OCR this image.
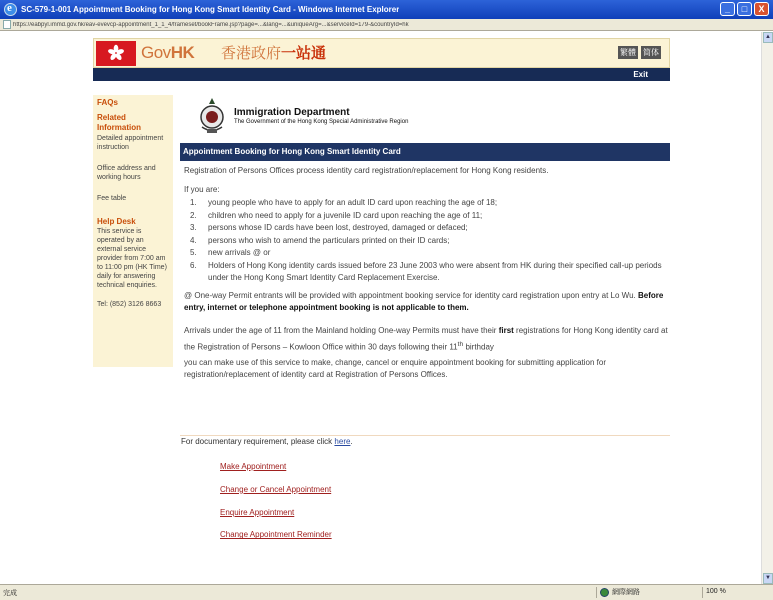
e
SC-579-1-001 Appointment Booking for Hong Kong Smart Identity Card - Windows Internet Explorer	_	□	X
https://eabpyl.immd.gov.hk/eav-evevcp-appointment_1_1_4/frameset/bookFrame.jsp?page=...&lang=...&uniqueArg=...&serviceId=179-&countryId=hk
GovHK 香港政府一站通	繁體 简体
Exit
FAQs
Related Information
Detailed appointment instruction
Office address and working hours
Fee table
Help Desk
This service is operated by an external service provider from 7:00 am to 11:00 pm (HK Time) daily for answering technical enquiries.
Tel: (852) 3126 8663
Immigration Department
The Government of the Hong Kong Special Administrative Region
Appointment Booking for Hong Kong Smart Identity Card
Registration of Persons Offices process identity card registration/replacement for Hong Kong residents.
If you are:
1. young people who have to apply for an adult ID card upon reaching the age of 18;
2. children who need to apply for a juvenile ID card upon reaching the age of 11;
3. persons whose ID cards have been lost, destroyed, damaged or defaced;
4. persons who wish to amend the particulars printed on their ID cards;
5. new arrivals @ or
6. Holders of Hong Kong identity cards issued before 23 June 2003 who were absent from HK during their specified call-up periods under the Hong Kong Smart Identity Card Replacement Exercise.
@ One-way Permit entrants will be provided with appointment booking service for identity card registration upon entry at Lo Wu. Before entry, internet or telephone appointment booking is not applicable to them.
Arrivals under the age of 11 from the Mainland holding One-way Permits must have their first registrations for Hong Kong identity card at the Registration of Persons – Kowloon Office within 30 days following their 11th birthday
you can make use of this service to make, change, cancel or enquire appointment booking for submitting application for registration/replacement of identity card at Registration of Persons Offices.
For documentary requirement, please click here.
Make Appointment
Change or Cancel Appointment
Enquire Appointment
Change Appointment Reminder
▲
▼
完成	網際網路	100 %
